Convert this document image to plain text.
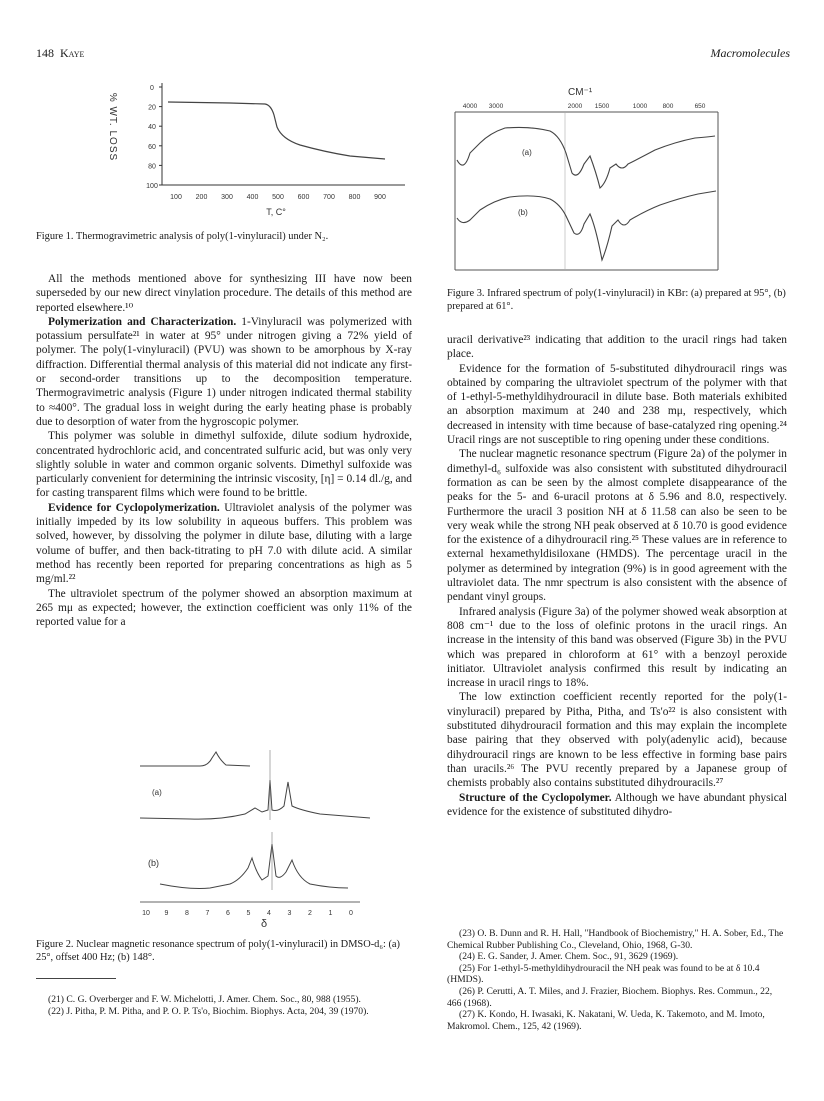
148 Kaye	Macromolecules
% WT. LOSS
0
20
40
60
80
100
100 200 300 400 500 600 700 800 900
T, C°
Figure 1. Thermogravimetric analysis of poly(1-vinyluracil) under N₂.
CM⁻¹
4000 3000	2000 1500	1000 800	650
(a)
(b)
Figure 3. Infrared spectrum of poly(1-vinyluracil) in KBr: (a) prepared at 95°, (b) prepared at 61°.

All the methods mentioned above for synthesizing III have now been superseded by our new direct vinylation procedure. The details of this method are reported elsewhere.¹⁰

Polymerization and Characterization. 1-Vinyluracil was polymerized with potassium persulfate²¹ in water at 95° under nitrogen giving a 72% yield of polymer. The poly(1-vinyluracil) (PVU) was shown to be amorphous by X-ray diffraction. Differential thermal analysis of this material did not indicate any first- or second-order transitions up to the decomposition temperature. Thermogravimetric analysis (Figure 1) under nitrogen indicated thermal stability to ≈400°. The gradual loss in weight during the early heating phase is probably due to desorption of water from the hygroscopic polymer.

This polymer was soluble in dimethyl sulfoxide, dilute sodium hydroxide, concentrated hydrochloric acid, and concentrated sulfuric acid, but was only very slightly soluble in water and common organic solvents. Dimethyl sulfoxide was particularly convenient for determining the intrinsic viscosity, [η] = 0.14 dl./g, and for casting transparent films which were found to be brittle.

Evidence for Cyclopolymerization. Ultraviolet analysis of the polymer was initially impeded by its low solubility in aqueous buffers. This problem was solved, however, by dissolving the polymer in dilute base, diluting with a large volume of buffer, and then back-titrating to pH 7.0 with dilute acid. A similar method has recently been reported for preparing concentrations as high as 5 mg/ml.²²

The ultraviolet spectrum of the polymer showed an absorption maximum at 265 mμ as expected; however, the extinction coefficient was only 11% of the reported value for a

(a)
(b)
10 9 8 7 6 5 4 3 2 1 0
δ
Figure 2. Nuclear magnetic resonance spectrum of poly(1-vinyluracil) in DMSO-d₆: (a) 25°, offset 400 Hz; (b) 148°.
(21) C. G. Overberger and F. W. Michelotti, J. Amer. Chem. Soc., 80, 988 (1955).
(22) J. Pitha, P. M. Pitha, and P. O. P. Ts'o, Biochim. Biophys. Acta, 204, 39 (1970).

uracil derivative²³ indicating that addition to the uracil rings had taken place.

Evidence for the formation of 5-substituted dihydrouracil rings was obtained by comparing the ultraviolet spectrum of the polymer with that of 1-ethyl-5-methyldihydrouracil in dilute base. Both materials exhibited an absorption maximum at 240 and 238 mμ, respectively, which decreased in intensity with time because of base-catalyzed ring opening.²⁴ Uracil rings are not susceptible to ring opening under these conditions.

The nuclear magnetic resonance spectrum (Figure 2a) of the polymer in dimethyl-d₆ sulfoxide was also consistent with substituted dihydrouracil formation as can be seen by the almost complete disappearance of the peaks for the 5- and 6-uracil protons at δ 5.96 and 8.0, respectively. Furthermore the uracil 3 position NH at δ 11.58 can also be seen to be very weak while the strong NH peak observed at δ 10.70 is good evidence for the existence of a dihydrouracil ring.²⁵ These values are in reference to external hexamethyldisiloxane (HMDS). The percentage uracil in the polymer as determined by integration (9%) is in good agreement with the ultraviolet data. The nmr spectrum is also consistent with the absence of pendant vinyl groups.

Infrared analysis (Figure 3a) of the polymer showed weak absorption at 808 cm⁻¹ due to the loss of olefinic protons in the uracil rings. An increase in the intensity of this band was observed (Figure 3b) in the PVU which was prepared in chloroform at 61° with a benzoyl peroxide initiator. Ultraviolet analysis confirmed this result by indicating an increase in uracil rings to 18%.

The low extinction coefficient recently reported for the poly(1-vinyluracil) prepared by Pitha, Pitha, and Ts'o²² is also consistent with substituted dihydrouracil formation and this may explain the incomplete base pairing that they observed with poly(adenylic acid), because dihydrouracil rings are known to be less effective in forming base pairs than uracils.²⁶ The PVU recently prepared by a Japanese group of chemists probably also contains substituted dihydrouracils.²⁷

Structure of the Cyclopolymer. Although we have abundant physical evidence for the existence of substituted dihydro-

(23) O. B. Dunn and R. H. Hall, "Handbook of Biochemistry," H. A. Sober, Ed., The Chemical Rubber Publishing Co., Cleveland, Ohio, 1968, G-30.
(24) E. G. Sander, J. Amer. Chem. Soc., 91, 3629 (1969).
(25) For 1-ethyl-5-methyldihydrouracil the NH peak was found to be at δ 10.4 (HMDS).
(26) P. Cerutti, A. T. Miles, and J. Frazier, Biochem. Biophys. Res. Commun., 22, 466 (1968).
(27) K. Kondo, H. Iwasaki, K. Nakatani, W. Ueda, K. Takemoto, and M. Imoto, Makromol. Chem., 125, 42 (1969).
